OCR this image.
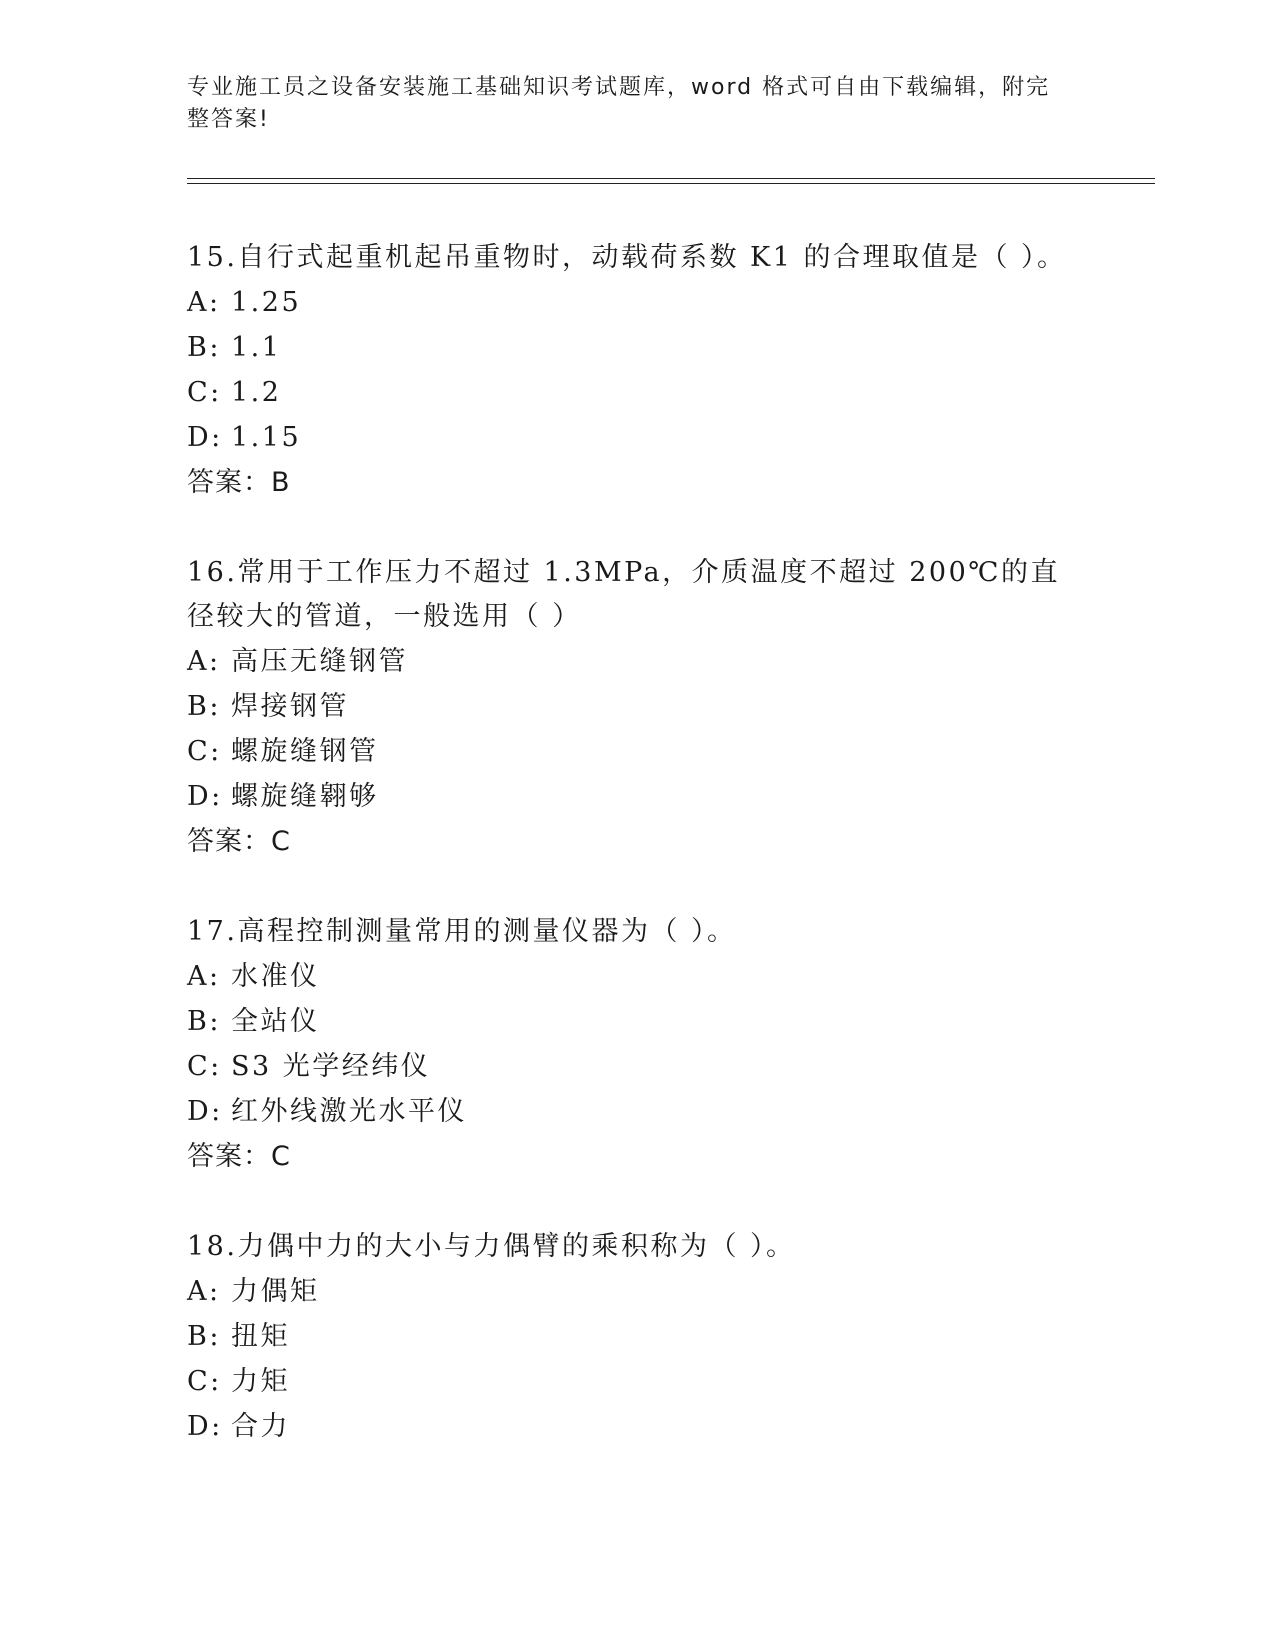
专业施工员之设备安装施工基础知识考试题库，word 格式可自由下载编辑，附完整答案!

15.自行式起重机起吊重物时，动载荷系数 K1 的合理取值是（ ）。

A: 1.25
B: 1.1
C: 1.2
D: 1.15
答案：B

16.常用于工作压力不超过 1.3MPa，介质温度不超过 200℃的直径较大的管道，一般选用（ ）

A: 高压无缝钢管
B: 焊接钢管
C: 螺旋缝钢管
D: 螺旋缝翱够
答案：C

17.高程控制测量常用的测量仪器为（ ）。

A: 水准仪
B: 全站仪
C: S3 光学经纬仪
D: 红外线激光水平仪
答案：C

18.力偶中力的大小与力偶臂的乘积称为（ ）。

A: 力偶矩
B: 扭矩
C: 力矩
D: 合力
